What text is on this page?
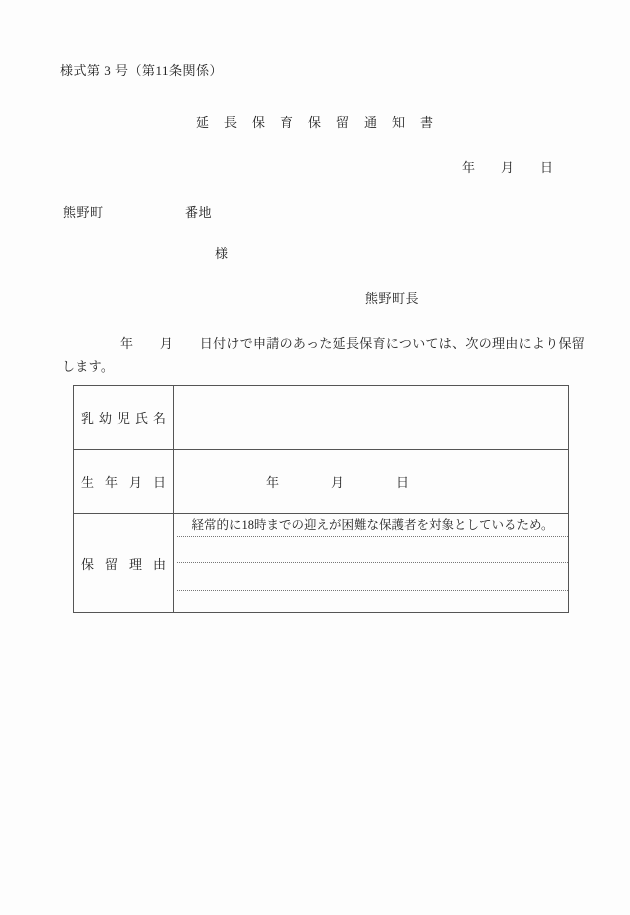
様式第 3 号（第11条関係）
延　長　保　育　保　留　通　知　書
年　　月　　日
熊野町	番地
様
熊野町長
年　　月　　日付けで申請のあった延長保育については、次の理由により保留
します。
乳幼児氏名
生年月日	年　　　　月　　　　日
保留理由
経常的に18時までの迎えが困難な保護者を対象としているため。
